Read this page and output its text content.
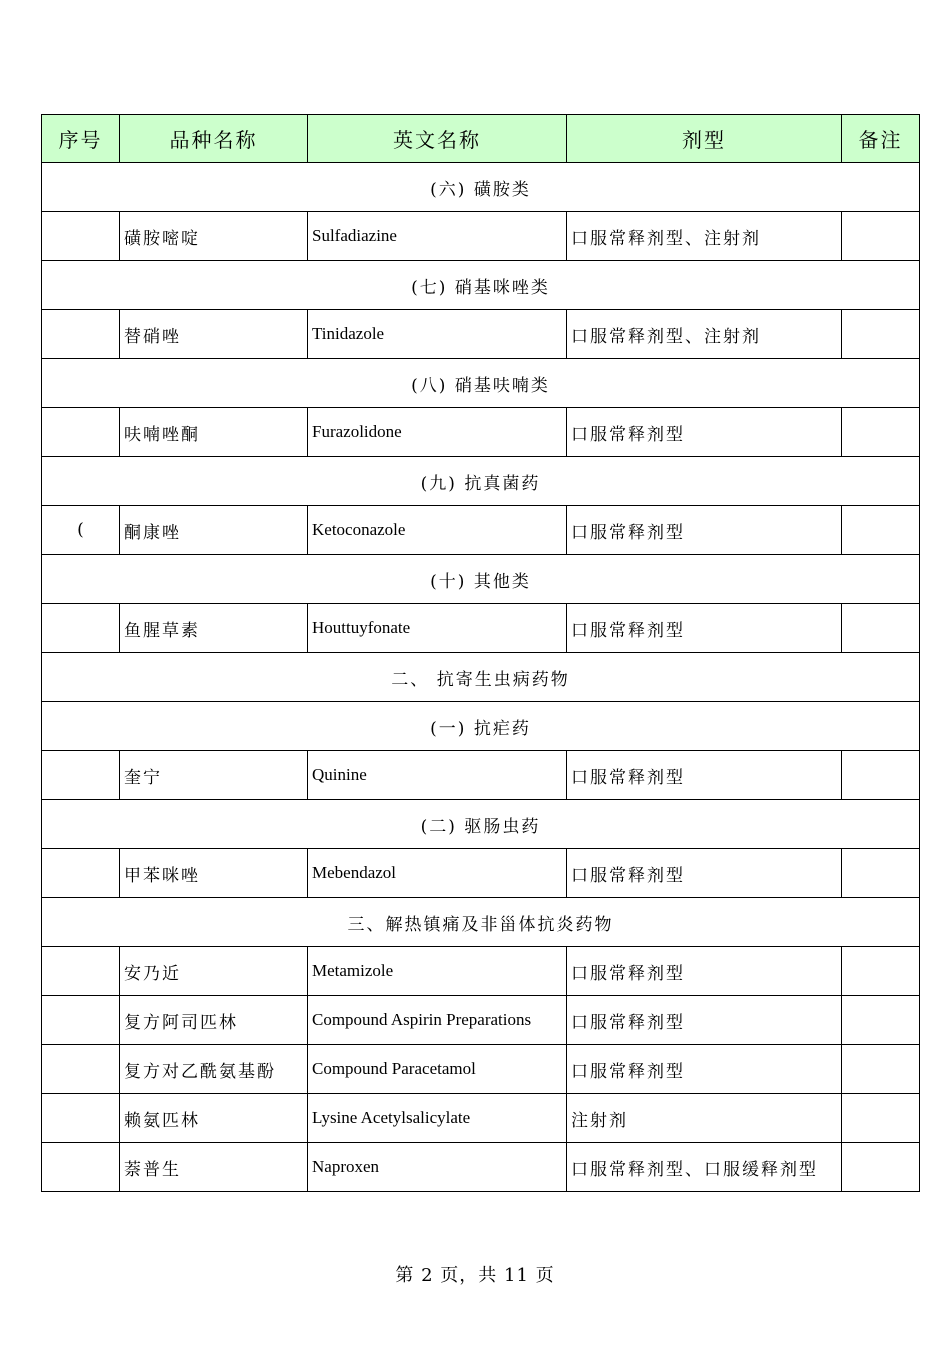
序号	品种名称	英文名称	剂型	备注
(六) 磺胺类				
	磺胺嘧啶	Sulfadiazine	口服常释剂型、注射剂	
(七) 硝基咪唑类				
	替硝唑	Tinidazole	口服常释剂型、注射剂	
(八) 硝基呋喃类				
	呋喃唑酮	Furazolidone	口服常释剂型	
(九) 抗真菌药				
(	酮康唑	Ketoconazole	口服常释剂型	
(十) 其他类				
	鱼腥草素	Houttuyfonate	口服常释剂型	
二、 抗寄生虫病药物				
(一) 抗疟药				
	奎宁	Quinine	口服常释剂型	
(二) 驱肠虫药				
	甲苯咪唑	Mebendazol	口服常释剂型	
三、解热镇痛及非甾体抗炎药物				
	安乃近	Metamizole	口服常释剂型	
	复方阿司匹林	Compound Aspirin Preparations	口服常释剂型	
	复方对乙酰氨基酚	Compound Paracetamol	口服常释剂型	
	赖氨匹林	Lysine Acetylsalicylate	注射剂	
	萘普生	Naproxen	口服常释剂型、口服缓释剂型	
第 2 页，共 11 页
